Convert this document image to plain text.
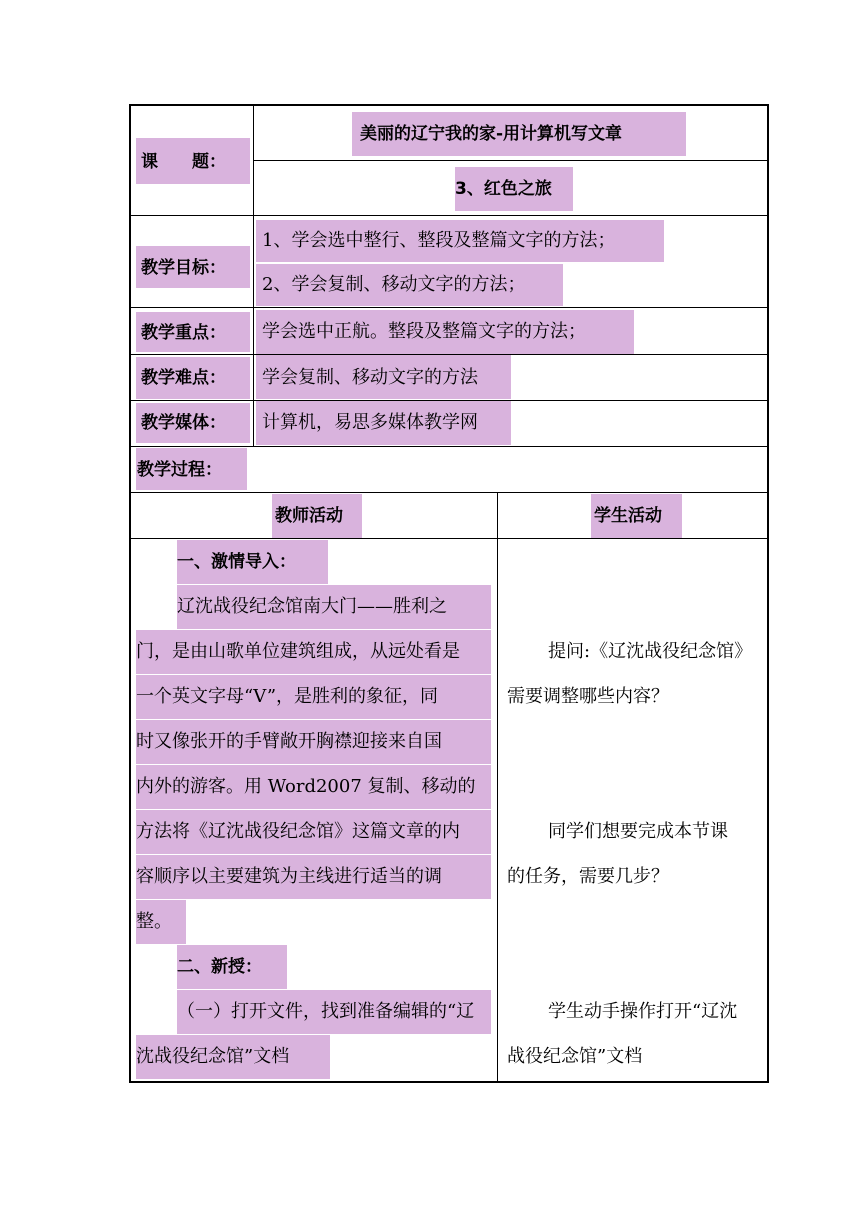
课　　题：
美丽的辽宁我的家-用计算机写文章
3、红色之旅
教学目标：
1、学会选中整行、整段及整篇文字的方法；
2、学会复制、移动文字的方法；
教学重点： 学会选中正航。整段及整篇文字的方法；
教学难点： 学会复制、移动文字的方法
教学媒体： 计算机，易思多媒体教学网
教学过程：
教师活动	学生活动
一、激情导入：
辽沈战役纪念馆南大门——胜利之
门，是由山歌单位建筑组成，从远处看是
一个英文字母“V”，是胜利的象征，同
时又像张开的手臂敞开胸襟迎接来自国
内外的游客。用 Word2007 复制、移动的
方法将《辽沈战役纪念馆》这篇文章的内
容顺序以主要建筑为主线进行适当的调
整。
二、新授：
（一）打开文件，找到准备编辑的“辽
沈战役纪念馆”文档
提问:《辽沈战役纪念馆》
需要调整哪些内容？
同学们想要完成本节课
的任务，需要几步？
学生动手操作打开“辽沈
战役纪念馆”文档
